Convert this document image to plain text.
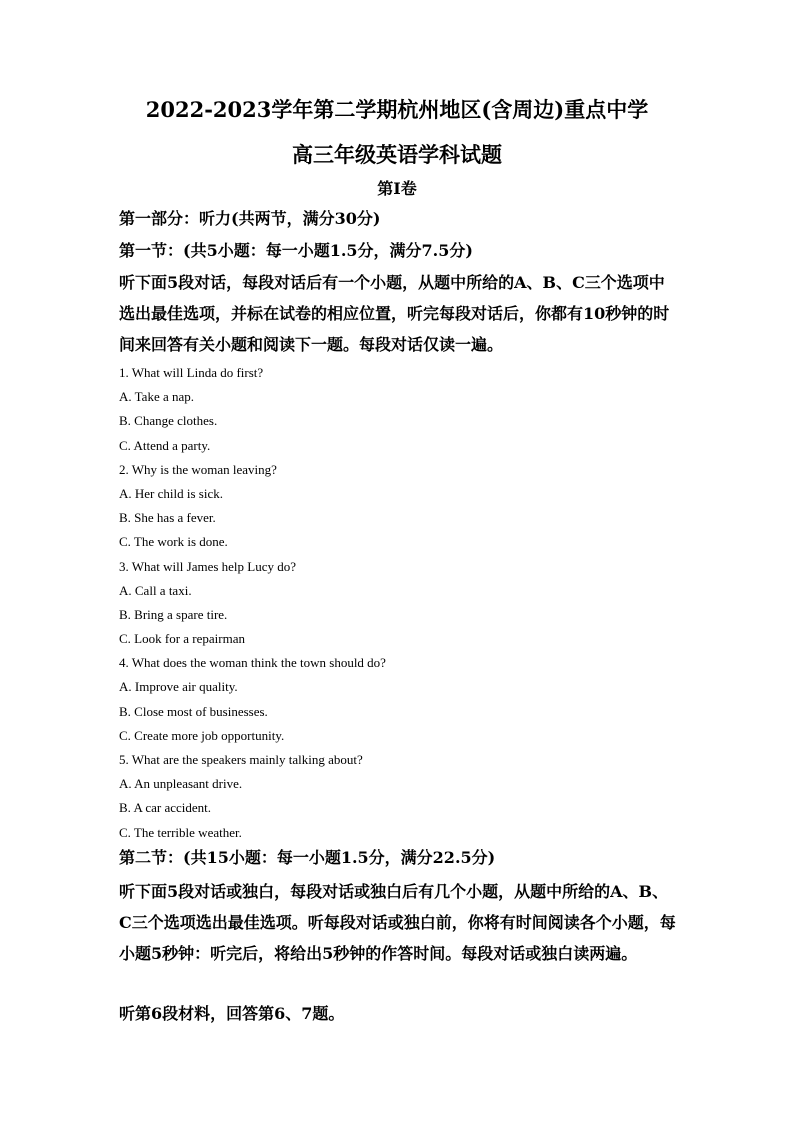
2022-2023学年第二学期杭州地区(含周边)重点中学
高三年级英语学科试题
第I卷
第一部分：听力(共两节，满分30分)
第一节：(共5小题：每一小题1.5分，满分7.5分)
听下面5段对话，每段对话后有一个小题，从题中所给的A、B、C三个选项中选出最佳选项，并标在试卷的相应位置，听完每段对话后，你都有10秒钟的时间来回答有关小题和阅读下一题。每段对话仅读一遍。
1. What will Linda do first?
A. Take a nap.
B. Change clothes.
C. Attend a party.
2. Why is the woman leaving?
A. Her child is sick.
B. She has a fever.
C. The work is done.
3. What will James help Lucy do?
A. Call a taxi.
B. Bring a spare tire.
C. Look for a repairman
4. What does the woman think the town should do?
A. Improve air quality.
B. Close most of businesses.
C. Create more job opportunity.
5. What are the speakers mainly talking about?
A. An unpleasant drive.
B. A car accident.
C. The terrible weather.
第二节：(共15小题：每一小题1.5分，满分22.5分)
听下面5段对话或独白，每段对话或独白后有几个小题，从题中所给的A、B、C三个选项选出最佳选项。听每段对话或独白前，你将有时间阅读各个小题，每小题5秒钟：听完后，将给出5秒钟的作答时间。每段对话或独白读两遍。
听第6段材料，回答第6、7题。
